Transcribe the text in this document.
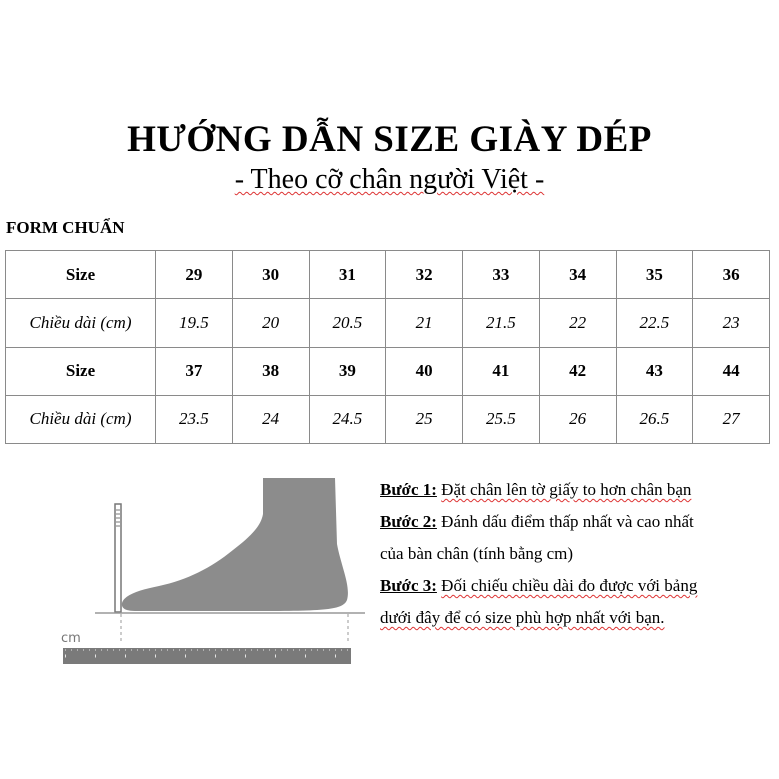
HƯỚNG DẪN SIZE GIÀY DÉP
- Theo cỡ chân người Việt -
FORM CHUẨN
Size	29	30	31	32	33	34	35	36
Chiều dài (cm)	19.5	20	20.5	21	21.5	22	22.5	23
Size	37	38	39	40	41	42	43	44
Chiều dài (cm)	23.5	24	24.5	25	25.5	26	26.5	27
cm
Bước 1: Đặt chân lên tờ giấy to hơn chân bạn
Bước 2: Đánh dấu điểm thấp nhất và cao nhất
của bàn chân (tính bằng cm)
Bước 3: Đối chiếu chiều dài đo được với bảng
dưới đây để có size phù hợp nhất với bạn.
